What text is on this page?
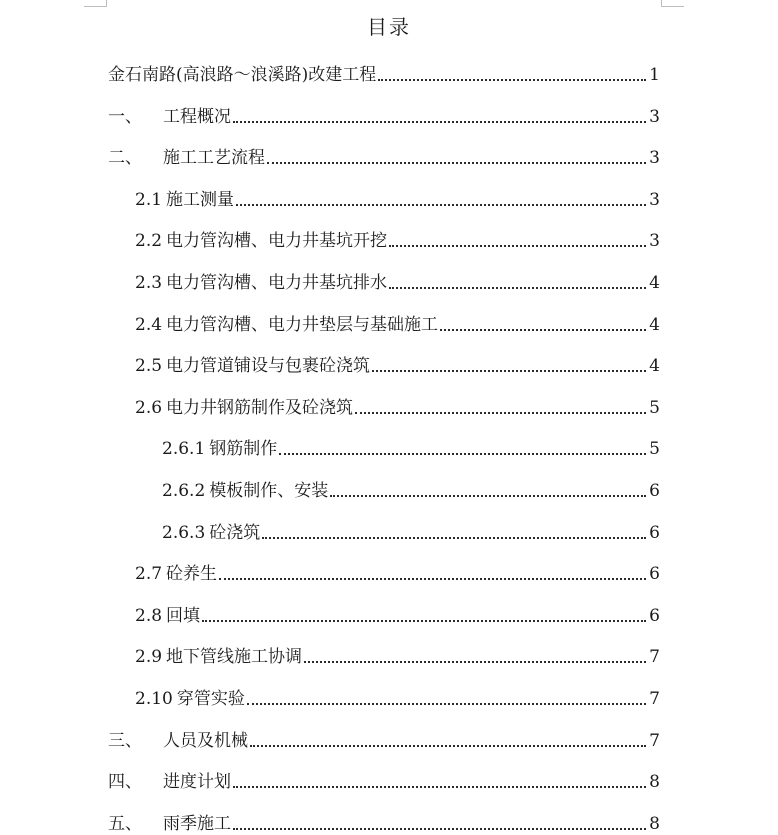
目录
金石南路(高浪路～浪溪路)改建工程	1
一、	工程概况	3
二、	施工工艺流程	3
2.1 施工测量	3
2.2 电力管沟槽、电力井基坑开挖	3
2.3 电力管沟槽、电力井基坑排水	4
2.4 电力管沟槽、电力井垫层与基础施工	4
2.5 电力管道铺设与包裹砼浇筑	4
2.6 电力井钢筋制作及砼浇筑	5
2.6.1 钢筋制作	5
2.6.2 模板制作、安装	6
2.6.3 砼浇筑	6
2.7 砼养生	6
2.8 回填	6
2.9 地下管线施工协调	7
2.10 穿管实验	7
三、	人员及机械	7
四、	进度计划	8
五、	雨季施工	8
